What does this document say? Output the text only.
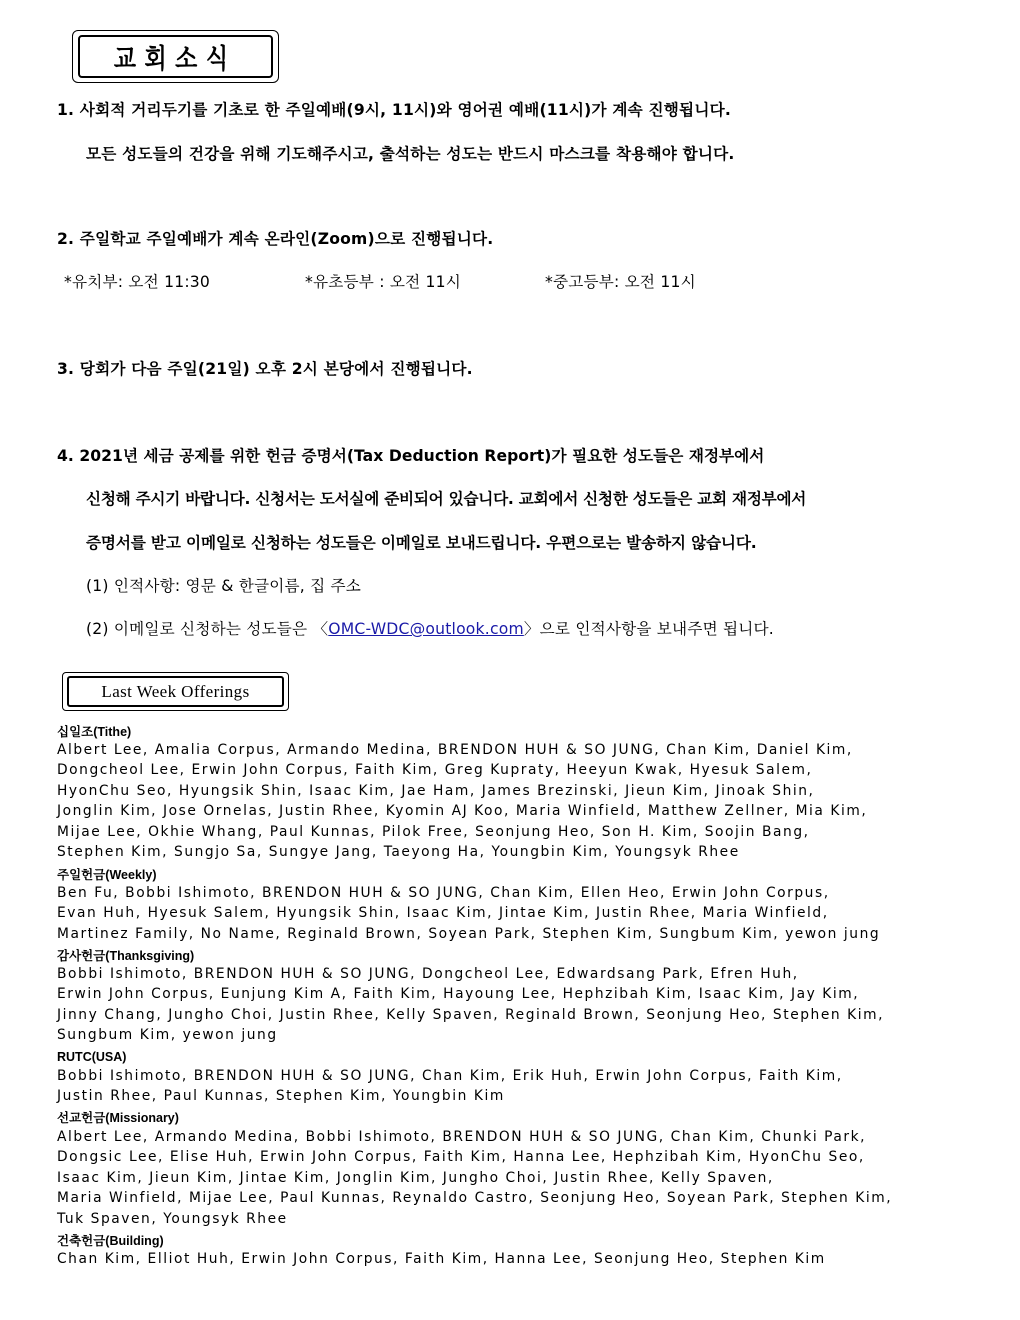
교회소식
1. 사회적 거리두기를 기초로 한 주일예배(9시, 11시)와 영어권 예배(11시)가 계속 진행됩니다.
모든 성도들의 건강을 위해 기도해주시고, 출석하는 성도는 반드시 마스크를 착용해야 합니다.
2. 주일학교 주일예배가 계속 온라인(Zoom)으로 진행됩니다.
*유치부: 오전 11:30	*유초등부 : 오전 11시	*중고등부: 오전 11시
3. 당회가 다음 주일(21일) 오후 2시 본당에서 진행됩니다.
4. 2021년 세금 공제를 위한 헌금 증명서(Tax Deduction Report)가 필요한 성도들은 재정부에서
신청해 주시기 바랍니다. 신청서는 도서실에 준비되어 있습니다. 교회에서 신청한 성도들은 교회 재정부에서
증명서를 받고 이메일로 신청하는 성도들은 이메일로 보내드립니다. 우편으로는 발송하지 않습니다.
(1) 인적사항: 영문 & 한글이름, 집 주소
(2) 이메일로 신청하는 성도들은 〈OMC-WDC@outlook.com〉으로 인적사항을 보내주면 됩니다.
Last Week Offerings
십일조(Tithe)
Albert Lee, Amalia Corpus, Armando Medina, BRENDON HUH & SO JUNG, Chan Kim, Daniel Kim,
Dongcheol Lee, Erwin John Corpus, Faith Kim, Greg Kupraty, Heeyun Kwak, Hyesuk Salem,
HyonChu Seo, Hyungsik Shin, Isaac Kim, Jae Ham, James Brezinski, Jieun Kim, Jinoak Shin,
Jonglin Kim, Jose Ornelas, Justin Rhee, Kyomin AJ Koo, Maria Winfield, Matthew Zellner, Mia Kim,
Mijae Lee, Okhie Whang, Paul Kunnas, Pilok Free, Seonjung Heo, Son H. Kim, Soojin Bang,
Stephen Kim, Sungjo Sa, Sungye Jang, Taeyong Ha, Youngbin Kim, Youngsyk Rhee
주일헌금(Weekly)
Ben Fu, Bobbi Ishimoto, BRENDON HUH & SO JUNG, Chan Kim, Ellen Heo, Erwin John Corpus,
Evan Huh, Hyesuk Salem, Hyungsik Shin, Isaac Kim, Jintae Kim, Justin Rhee, Maria Winfield,
Martinez Family, No Name, Reginald Brown, Soyean Park, Stephen Kim, Sungbum Kim, yewon jung
감사헌금(Thanksgiving)
Bobbi Ishimoto, BRENDON HUH & SO JUNG, Dongcheol Lee, Edwardsang Park, Efren Huh,
Erwin John Corpus, Eunjung Kim A, Faith Kim, Hayoung Lee, Hephzibah Kim, Isaac Kim, Jay Kim,
Jinny Chang, Jungho Choi, Justin Rhee, Kelly Spaven, Reginald Brown, Seonjung Heo, Stephen Kim,
Sungbum Kim, yewon jung
RUTC(USA)
Bobbi Ishimoto, BRENDON HUH & SO JUNG, Chan Kim, Erik Huh, Erwin John Corpus, Faith Kim,
Justin Rhee, Paul Kunnas, Stephen Kim, Youngbin Kim
선교헌금(Missionary)
Albert Lee, Armando Medina, Bobbi Ishimoto, BRENDON HUH & SO JUNG, Chan Kim, Chunki Park,
Dongsic Lee, Elise Huh, Erwin John Corpus, Faith Kim, Hanna Lee, Hephzibah Kim, HyonChu Seo,
Isaac Kim, Jieun Kim, Jintae Kim, Jonglin Kim, Jungho Choi, Justin Rhee, Kelly Spaven,
Maria Winfield, Mijae Lee, Paul Kunnas, Reynaldo Castro, Seonjung Heo, Soyean Park, Stephen Kim,
Tuk Spaven, Youngsyk Rhee
건축헌금(Building)
Chan Kim, Elliot Huh, Erwin John Corpus, Faith Kim, Hanna Lee, Seonjung Heo, Stephen Kim
